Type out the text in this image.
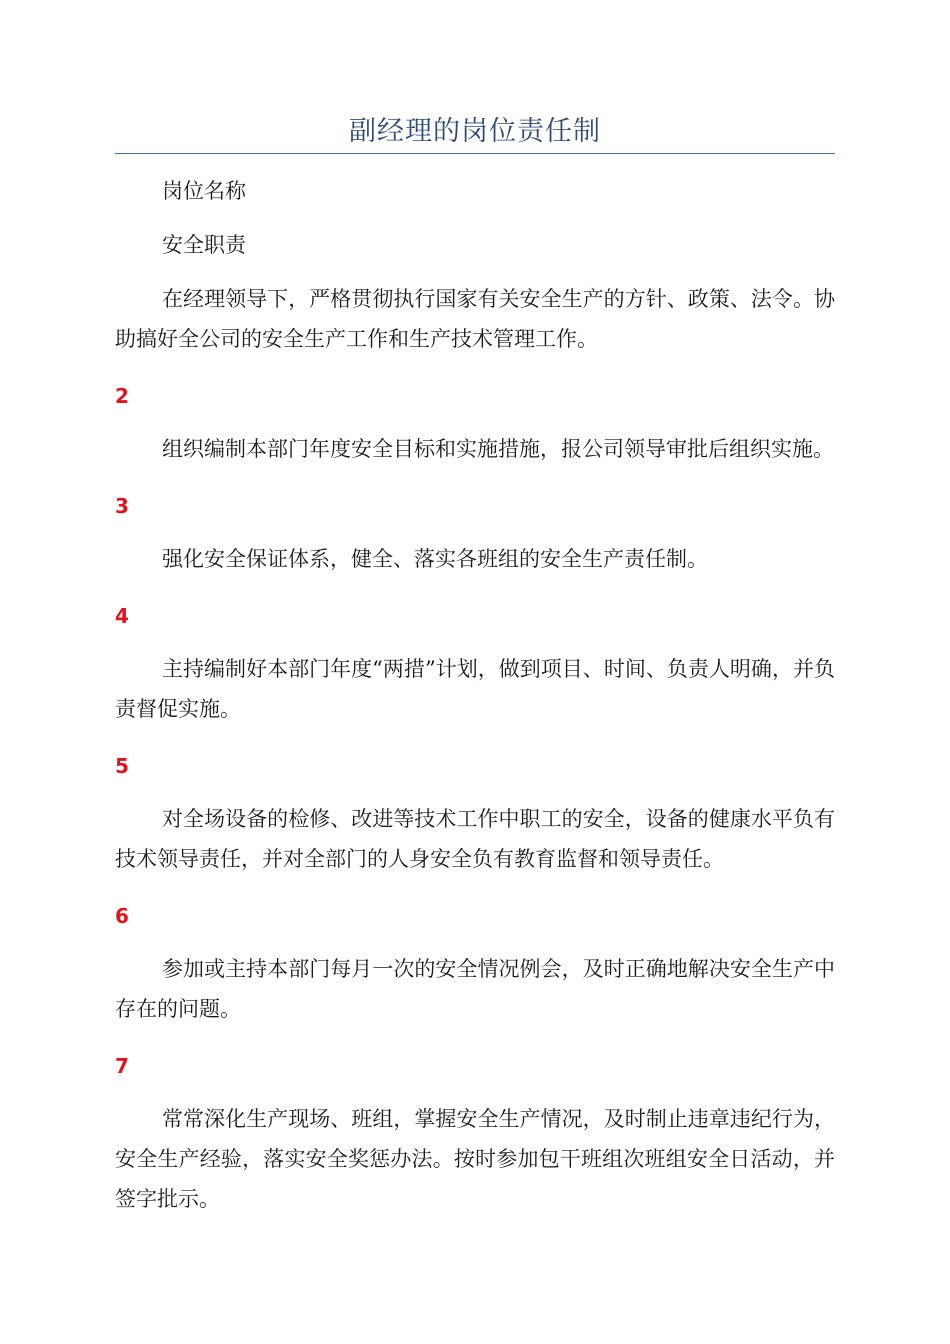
副经理的岗位责任制

岗位名称

安全职责

在经理领导下，严格贯彻执行国家有关安全生产的方针、政策、法令。协助搞好全公司的安全生产工作和生产技术管理工作。

2

组织编制本部门年度安全目标和实施措施，报公司领导审批后组织实施。

3

强化安全保证体系，健全、落实各班组的安全生产责任制。

4

主持编制好本部门年度“两措”计划，做到项目、时间、负责人明确，并负责督促实施。

5

对全场设备的检修、改进等技术工作中职工的安全，设备的健康水平负有技术领导责任，并对全部门的人身安全负有教育监督和领导责任。

6

参加或主持本部门每月一次的安全情况例会，及时正确地解决安全生产中存在的问题。

7

常常深化生产现场、班组，掌握安全生产情况，及时制止违章违纪行为，安全生产经验，落实安全奖惩办法。按时参加包干班组次班组安全日活动，并签字批示。
